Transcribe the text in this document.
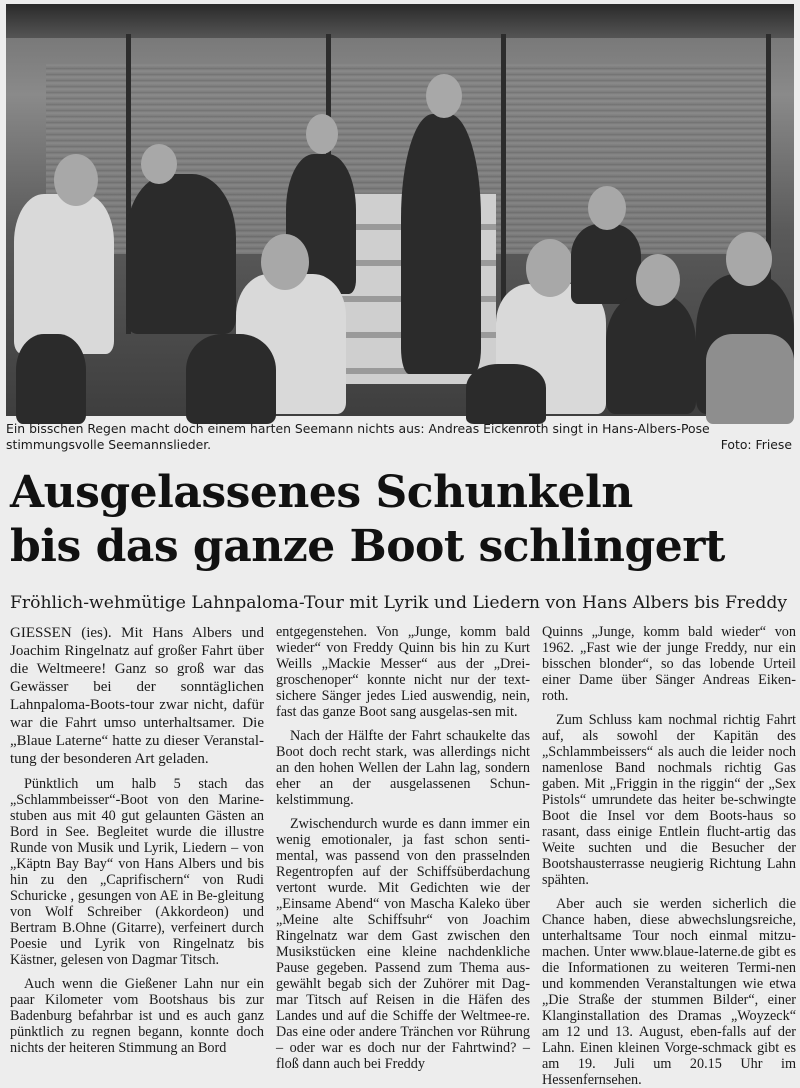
Ein bisschen Regen macht doch einem harten Seemann nichts aus: Andreas Eickenroth singt in Hans-Albers-Pose stimmungsvolle Seemannslieder.	Foto: Friese
Ausgelassenes Schunkeln
bis das ganze Boot schlingert
Fröhlich-wehmütige Lahnpaloma-Tour mit Lyrik und Liedern von Hans Albers bis Freddy

GIESSEN (ies). Mit Hans Albers und Joachim Ringelnatz auf großer Fahrt über die Weltmeere! Ganz so groß war das Gewässer bei der sonntäglichen Lahnpaloma-Boots-tour zwar nicht, dafür war die Fahrt umso unterhaltsamer. Die „Blaue Laterne“ hatte zu dieser Veranstal-tung der besonderen Art geladen.

Pünktlich um halb 5 stach das „Schlammbeisser“-Boot von den Marine-stuben aus mit 40 gut gelaunten Gästen an Bord in See. Begleitet wurde die illustre Runde von Musik und Lyrik, Liedern – von „Käptn Bay Bay“ von Hans Albers und bis hin zu den „Caprifischern“ von Rudi Schuricke , gesungen von AE in Be-gleitung von Wolf Schreiber (Akkordeon) und Bertram B.Ohne (Gitarre), verfeinert durch Poesie und Lyrik von Ringelnatz bis Kästner, gelesen von Dagmar Titsch.

Auch wenn die Gießener Lahn nur ein paar Kilometer vom Bootshaus bis zur Badenburg befahrbar ist und es auch ganz pünktlich zu regnen begann, konnte doch nichts der heiteren Stimmung an Bord

entgegenstehen. Von „Junge, komm bald wieder“ von Freddy Quinn bis hin zu Kurt Weills „Mackie Messer“ aus der „Drei-groschenoper“ konnte nicht nur der text-sichere Sänger jedes Lied auswendig, nein, fast das ganze Boot sang ausgelas-sen mit.

Nach der Hälfte der Fahrt schaukelte das Boot doch recht stark, was allerdings nicht an den hohen Wellen der Lahn lag, sondern eher an der ausgelassenen Schun-kelstimmung.

Zwischendurch wurde es dann immer ein wenig emotionaler, ja fast schon senti-mental, was passend von den prasselnden Regentropfen auf der Schiffsüberdachung vertont wurde. Mit Gedichten wie der „Einsame Abend“ von Mascha Kaleko über „Meine alte Schiffsuhr“ von Joachim Ringelnatz war dem Gast zwischen den Musikstücken eine kleine nachdenkliche Pause gegeben. Passend zum Thema aus-gewählt begab sich der Zuhörer mit Dag-mar Titsch auf Reisen in die Häfen des Landes und auf die Schiffe der Weltmee-re. Das eine oder andere Tränchen vor Rührung – oder war es doch nur der Fahrtwind? – floß dann auch bei Freddy

Quinns „Junge, komm bald wieder“ von 1962. „Fast wie der junge Freddy, nur ein bisschen blonder“, so das lobende Urteil einer Dame über Sänger Andreas Eiken-roth.

Zum Schluss kam nochmal richtig Fahrt auf, als sowohl der Kapitän des „Schlammbeissers“ als auch die leider noch namenlose Band nochmals richtig Gas gaben. Mit „Friggin in the riggin“ der „Sex Pistols“ umrundete das heiter be-schwingte Boot die Insel vor dem Boots-haus so rasant, dass einige Entlein flucht-artig das Weite suchten und die Besucher der Bootshausterrasse neugierig Richtung Lahn spähten.

Aber auch sie werden sicherlich die Chance haben, diese abwechslungsreiche, unterhaltsame Tour noch einmal mitzu-machen. Unter www.blaue-laterne.de gibt es die Informationen zu weiteren Termi-nen und kommenden Veranstaltungen wie etwa „Die Straße der stummen Bilder“, einer Klanginstallation des Dramas „Woyzeck“ am 12 und 13. August, eben-falls auf der Lahn. Einen kleinen Vorge-schmack gibt es am 19. Juli um 20.15 Uhr im Hessenfernsehen.
